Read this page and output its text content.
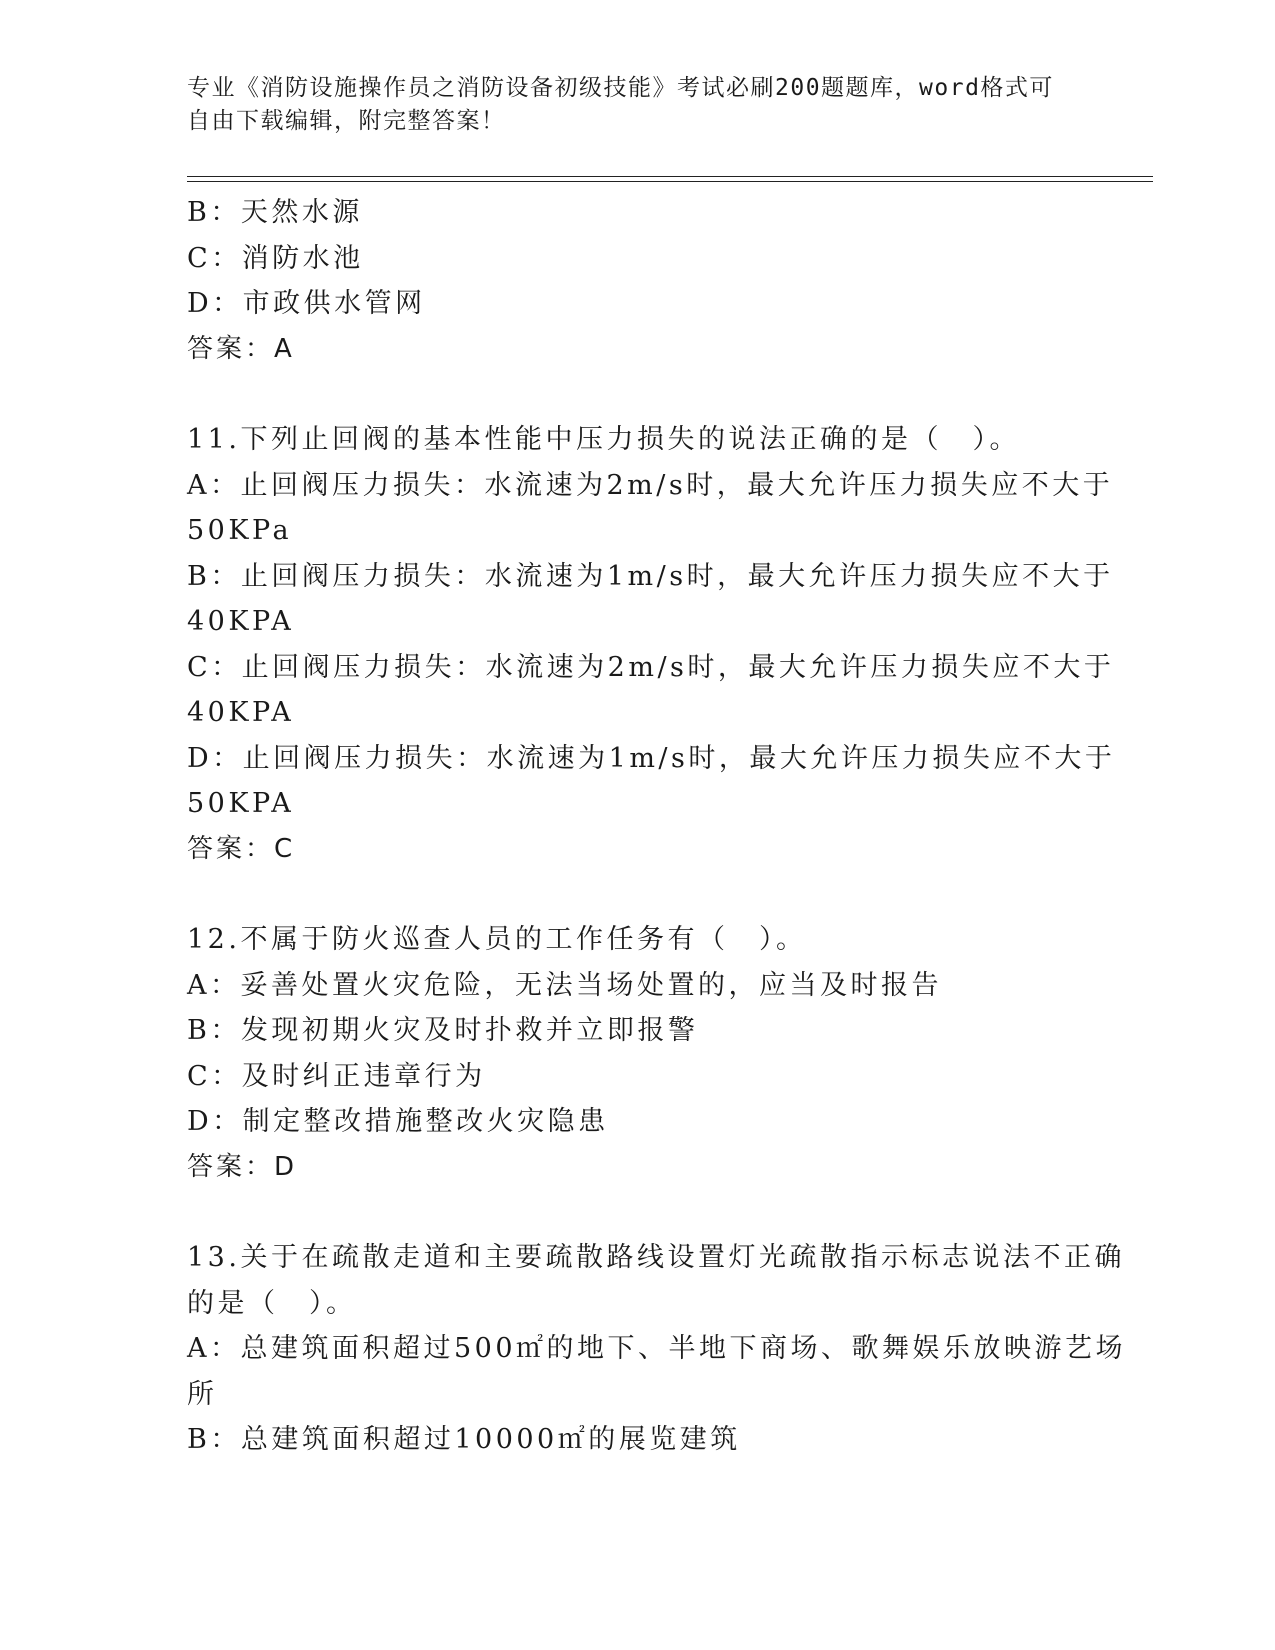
专业《消防设施操作员之消防设备初级技能》考试必刷200题题库，word格式可
自由下载编辑，附完整答案！
B：天然水源
C：消防水池
D：市政供水管网
答案：A
11.下列止回阀的基本性能中压力损失的说法正确的是（　）。
A：止回阀压力损失：水流速为2m/s时，最大允许压力损失应不大于
50KPa
B：止回阀压力损失：水流速为1m/s时，最大允许压力损失应不大于
40KPA
C：止回阀压力损失：水流速为2m/s时，最大允许压力损失应不大于
40KPA
D：止回阀压力损失：水流速为1m/s时，最大允许压力损失应不大于
50KPA
答案：C
12.不属于防火巡查人员的工作任务有（　）。
A：妥善处置火灾危险，无法当场处置的，应当及时报告
B：发现初期火灾及时扑救并立即报警
C：及时纠正违章行为
D：制定整改措施整改火灾隐患
答案：D
13.关于在疏散走道和主要疏散路线设置灯光疏散指示标志说法不正确
的是（　）。
A：总建筑面积超过500㎡的地下、半地下商场、歌舞娱乐放映游艺场
所
B：总建筑面积超过10000㎡的展览建筑
